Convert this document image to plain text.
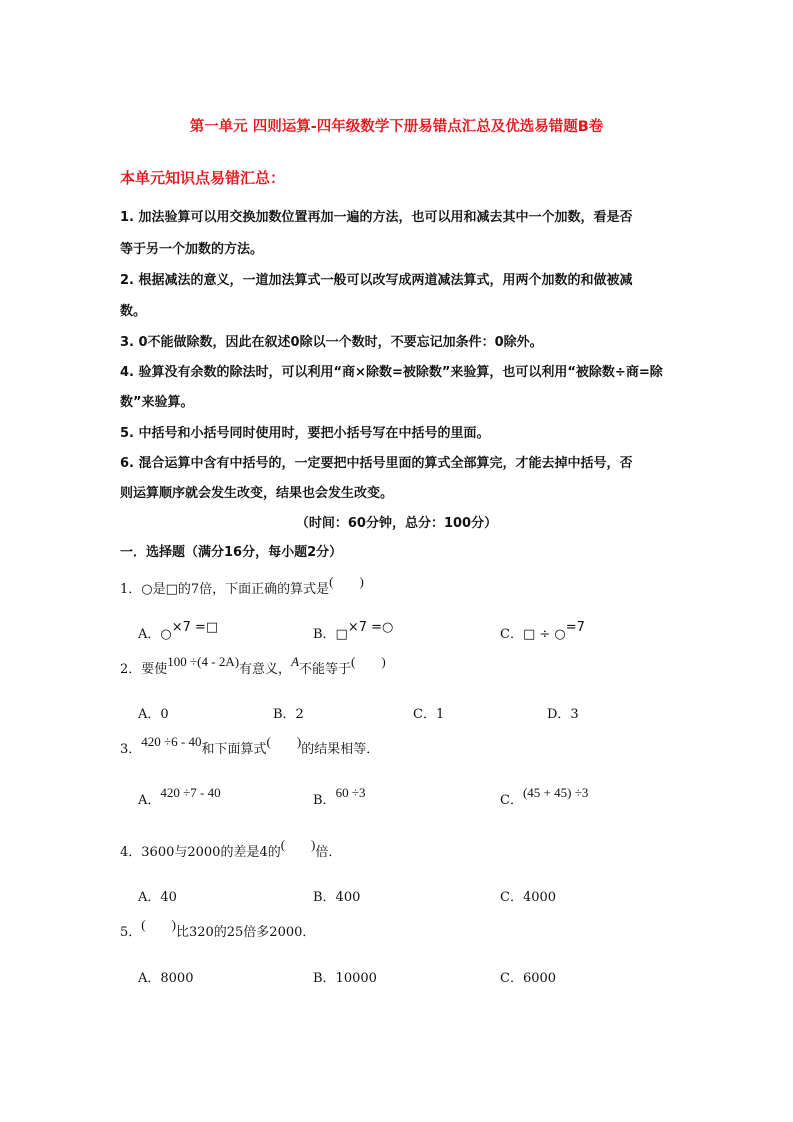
第一单元 四则运算-四年级数学下册易错点汇总及优选易错题B卷
本单元知识点易错汇总：
1. 加法验算可以用交换加数位置再加一遍的方法，也可以用和减去其中一个加数，看是否
等于另一个加数的方法。
2. 根据减法的意义，一道加法算式一般可以改写成两道减法算式，用两个加数的和做被减
数。
3. 0不能做除数，因此在叙述0除以一个数时，不要忘记加条件：0除外。
4. 验算没有余数的除法时，可以利用“商×除数=被除数”来验算，也可以利用“被除数÷商=除
数”来验算。
5. 中括号和小括号同时使用时，要把小括号写在中括号的里面。
6. 混合运算中含有中括号的，一定要把中括号里面的算式全部算完，才能去掉中括号，否
则运算顺序就会发生改变，结果也会发生改变。
（时间：60分钟，总分：100分）
一．选择题（满分16分，每小题2分）
1．○是□的7倍，下面正确的算式是(　　)
A．○×7 =□	B．□×7 =○	C．□ ÷ ○=7
2．要使100 ÷(4 - 2A)有意义，A不能等于(　　)
A．0	B．2	C．1	D．3
3．420 ÷6 - 40和下面算式(　　)的结果相等．
A．420 ÷7 - 40
B．60 ÷3
C．(45 + 45) ÷3
4．3600与2000的差是4的(　　)倍．
A．40	B．400	C．4000
5．(　　)比320的25倍多2000．
A．8000	B．10000	C．6000
